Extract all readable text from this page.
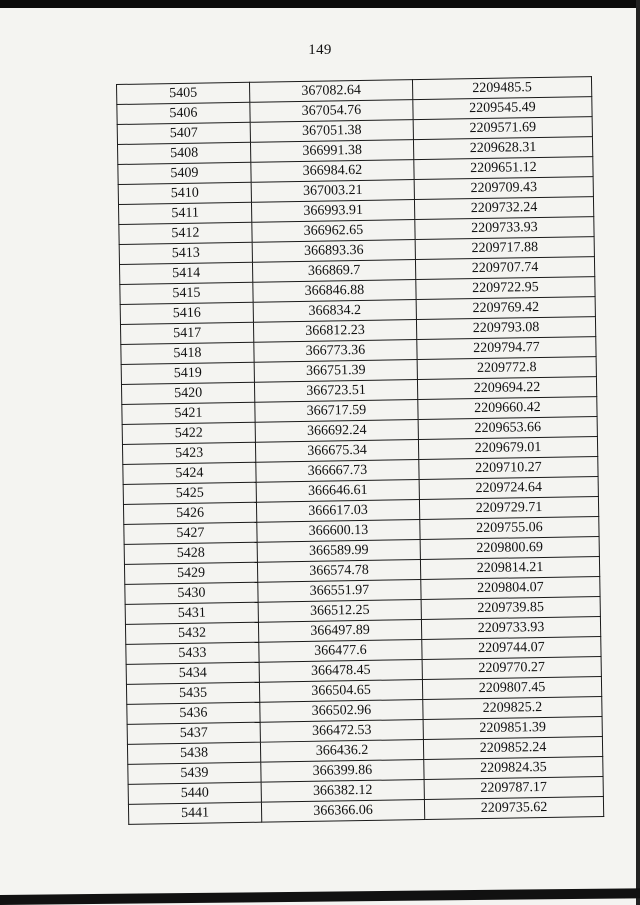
149
5405	367082.64	2209485.5
5406	367054.76	2209545.49
5407	367051.38	2209571.69
5408	366991.38	2209628.31
5409	366984.62	2209651.12
5410	367003.21	2209709.43
5411	366993.91	2209732.24
5412	366962.65	2209733.93
5413	366893.36	2209717.88
5414	366869.7	2209707.74
5415	366846.88	2209722.95
5416	366834.2	2209769.42
5417	366812.23	2209793.08
5418	366773.36	2209794.77
5419	366751.39	2209772.8
5420	366723.51	2209694.22
5421	366717.59	2209660.42
5422	366692.24	2209653.66
5423	366675.34	2209679.01
5424	366667.73	2209710.27
5425	366646.61	2209724.64
5426	366617.03	2209729.71
5427	366600.13	2209755.06
5428	366589.99	2209800.69
5429	366574.78	2209814.21
5430	366551.97	2209804.07
5431	366512.25	2209739.85
5432	366497.89	2209733.93
5433	366477.6	2209744.07
5434	366478.45	2209770.27
5435	366504.65	2209807.45
5436	366502.96	2209825.2
5437	366472.53	2209851.39
5438	366436.2	2209852.24
5439	366399.86	2209824.35
5440	366382.12	2209787.17
5441	366366.06	2209735.62
